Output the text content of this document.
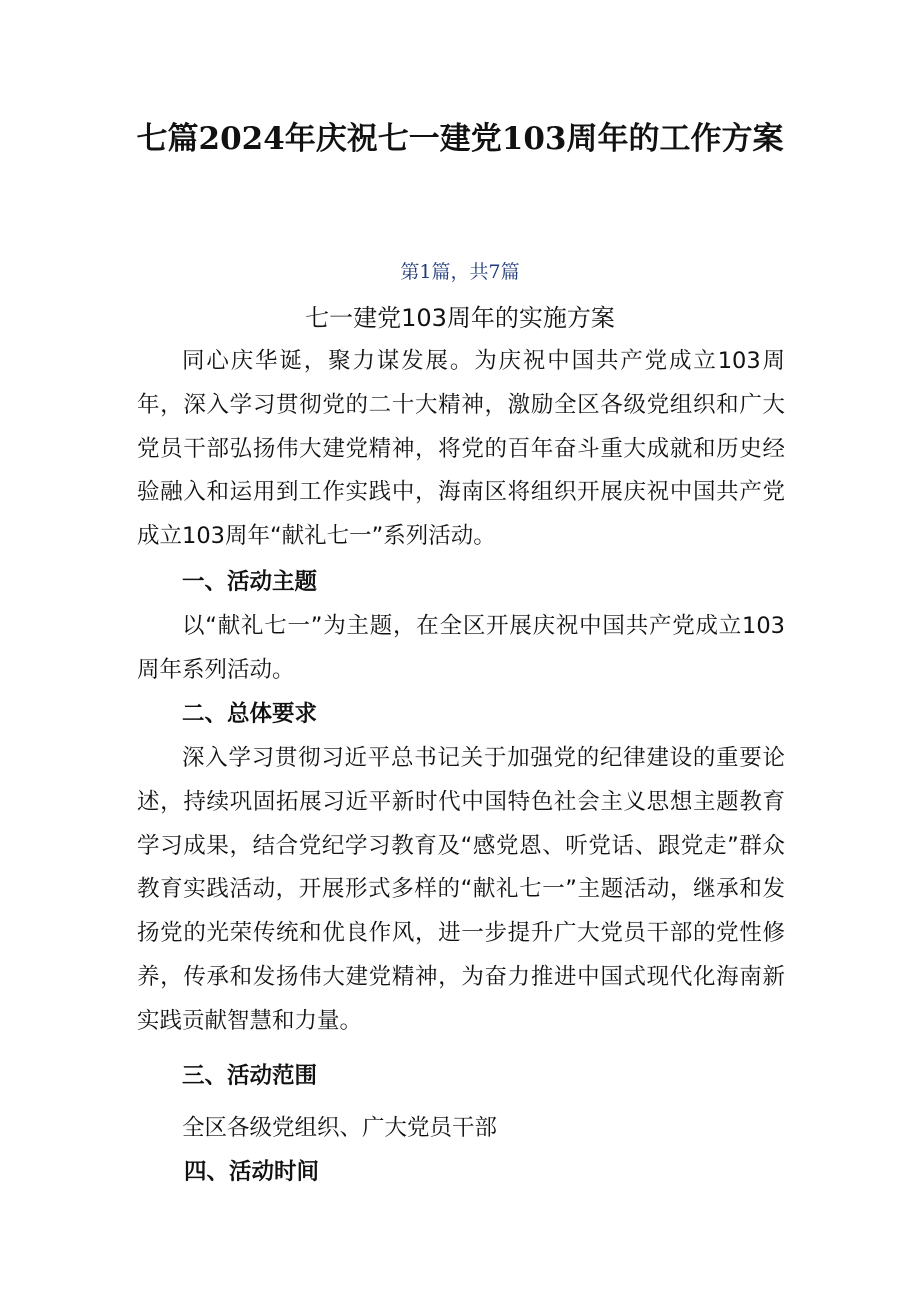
七篇2024年庆祝七一建党103周年的工作方案
第1篇，共7篇
七一建党103周年的实施方案

同心庆华诞，聚力谋发展。为庆祝中国共产党成立103周年，深入学习贯彻党的二十大精神，激励全区各级党组织和广大党员干部弘扬伟大建党精神，将党的百年奋斗重大成就和历史经验融入和运用到工作实践中，海南区将组织开展庆祝中国共产党成立103周年“献礼七一”系列活动。

一、活动主题

以“献礼七一”为主题，在全区开展庆祝中国共产党成立103周年系列活动。

二、总体要求

深入学习贯彻习近平总书记关于加强党的纪律建设的重要论述，持续巩固拓展习近平新时代中国特色社会主义思想主题教育学习成果，结合党纪学习教育及“感党恩、听党话、跟党走”群众教育实践活动，开展形式多样的“献礼七一”主题活动，继承和发扬党的光荣传统和优良作风，进一步提升广大党员干部的党性修养，传承和发扬伟大建党精神，为奋力推进中国式现代化海南新实践贡献智慧和力量。

三、活动范围
全区各级党组织、广大党员干部
四、活动时间
